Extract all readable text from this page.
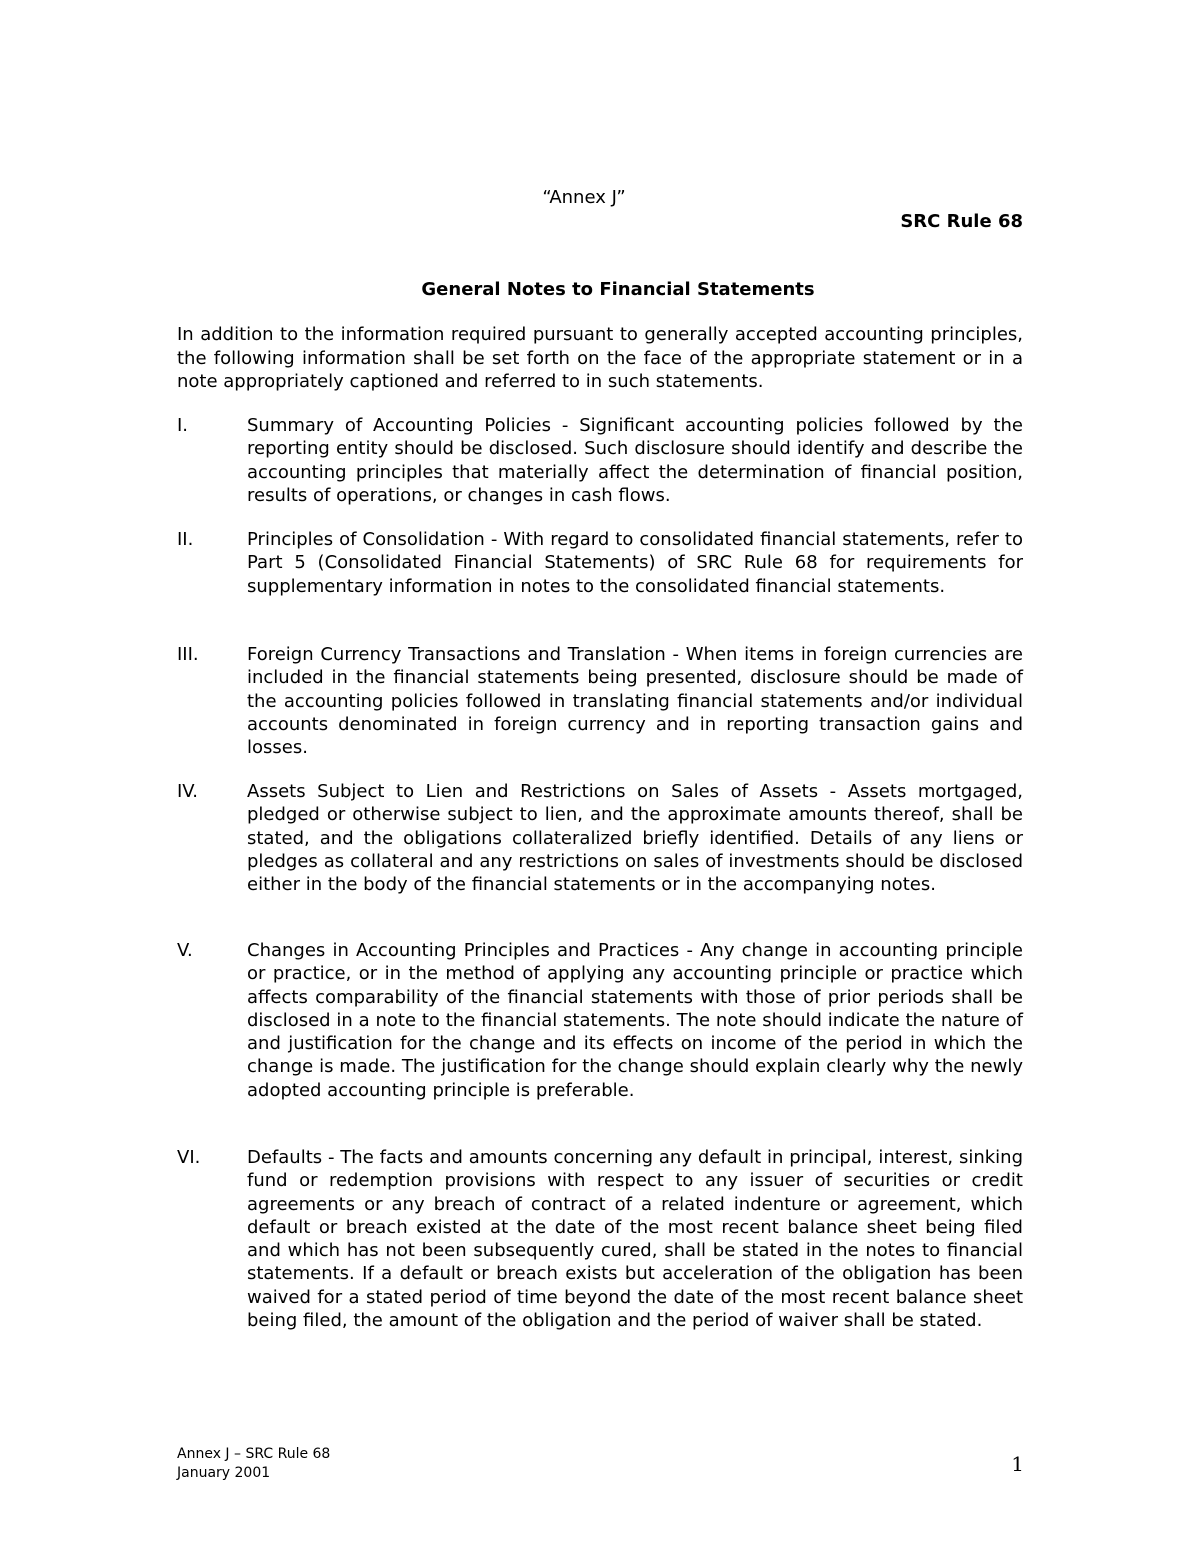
“Annex J”
SRC Rule 68
General Notes to Financial Statements

In addition to the information required pursuant to generally accepted accounting principles, the following information shall be set forth on the face of the appropriate statement or in a note appropriately captioned and referred to in such statements.

I.	Summary of Accounting Policies - Significant accounting policies followed by the reporting entity should be disclosed. Such disclosure should identify and describe the accounting principles that materially affect the determination of financial position, results of operations, or changes in cash flows.
II.	Principles of Consolidation - With regard to consolidated financial statements, refer to Part 5 (Consolidated Financial Statements) of SRC Rule 68 for requirements for supplementary information in notes to the consolidated financial statements.
III.	Foreign Currency Transactions and Translation - When items in foreign currencies are included in the financial statements being presented, disclosure should be made of the accounting policies followed in translating financial statements and/or individual accounts denominated in foreign currency and in reporting transaction gains and losses.
IV.	Assets Subject to Lien and Restrictions on Sales of Assets - Assets mortgaged, pledged or otherwise subject to lien, and the approximate amounts thereof, shall be stated, and the obligations collateralized briefly identified. Details of any liens or pledges as collateral and any restrictions on sales of investments should be disclosed either in the body of the financial statements or in the accompanying notes.
V.	Changes in Accounting Principles and Practices - Any change in accounting principle or practice, or in the method of applying any accounting principle or practice which affects comparability of the financial statements with those of prior periods shall be disclosed in a note to the financial statements. The note should indicate the nature of and justification for the change and its effects on income of the period in which the change is made. The justification for the change should explain clearly why the newly adopted accounting principle is preferable.
VI.	Defaults - The facts and amounts concerning any default in principal, interest, sinking fund or redemption provisions with respect to any issuer of securities or credit agreements or any breach of contract of a related indenture or agreement, which default or breach existed at the date of the most recent balance sheet being filed and which has not been subsequently cured, shall be stated in the notes to financial statements. If a default or breach exists but acceleration of the obligation has been waived for a stated period of time beyond the date of the most recent balance sheet being filed, the amount of the obligation and the period of waiver shall be stated.
Annex J – SRC Rule 68
January 2001	1
